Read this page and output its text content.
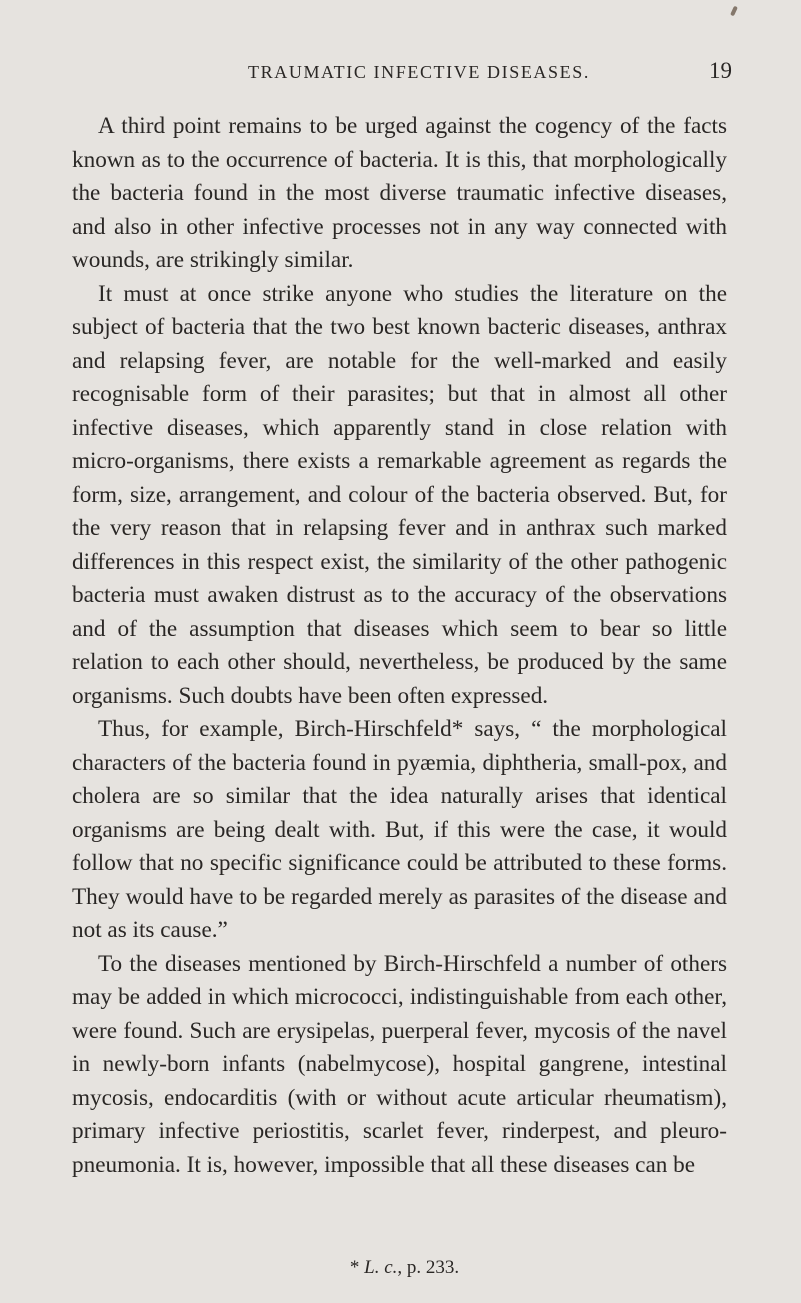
TRAUMATIC INFECTIVE DISEASES.	19

A third point remains to be urged against the cogency of the facts known as to the occurrence of bacteria. It is this, that morphologically the bacteria found in the most diverse traumatic infective diseases, and also in other infective processes not in any way connected with wounds, are strikingly similar.

It must at once strike anyone who studies the literature on the subject of bacteria that the two best known bacteric diseases, anthrax and relapsing fever, are notable for the well-marked and easily recognisable form of their parasites; but that in almost all other infective diseases, which apparently stand in close relation with micro-organisms, there exists a remarkable agreement as regards the form, size, arrangement, and colour of the bacteria observed. But, for the very reason that in relapsing fever and in anthrax such marked differences in this respect exist, the similarity of the other pathogenic bacteria must awaken distrust as to the accuracy of the observations and of the assumption that diseases which seem to bear so little relation to each other should, nevertheless, be produced by the same organisms. Such doubts have been often expressed.

Thus, for example, Birch-Hirschfeld* says, “ the morphological characters of the bacteria found in pyæmia, diphtheria, small-pox, and cholera are so similar that the idea naturally arises that identical organisms are being dealt with. But, if this were the case, it would follow that no specific significance could be attributed to these forms. They would have to be regarded merely as parasites of the disease and not as its cause.”

To the diseases mentioned by Birch-Hirschfeld a number of others may be added in which micrococci, indistinguishable from each other, were found. Such are erysipelas, puerperal fever, mycosis of the navel in newly-born infants (nabelmycose), hospital gangrene, intestinal mycosis, endocarditis (with or without acute articular rheumatism), primary infective periostitis, scarlet fever, rinderpest, and pleuro-pneumonia. It is, however, impossible that all these diseases can be

* L. c., p. 233.
